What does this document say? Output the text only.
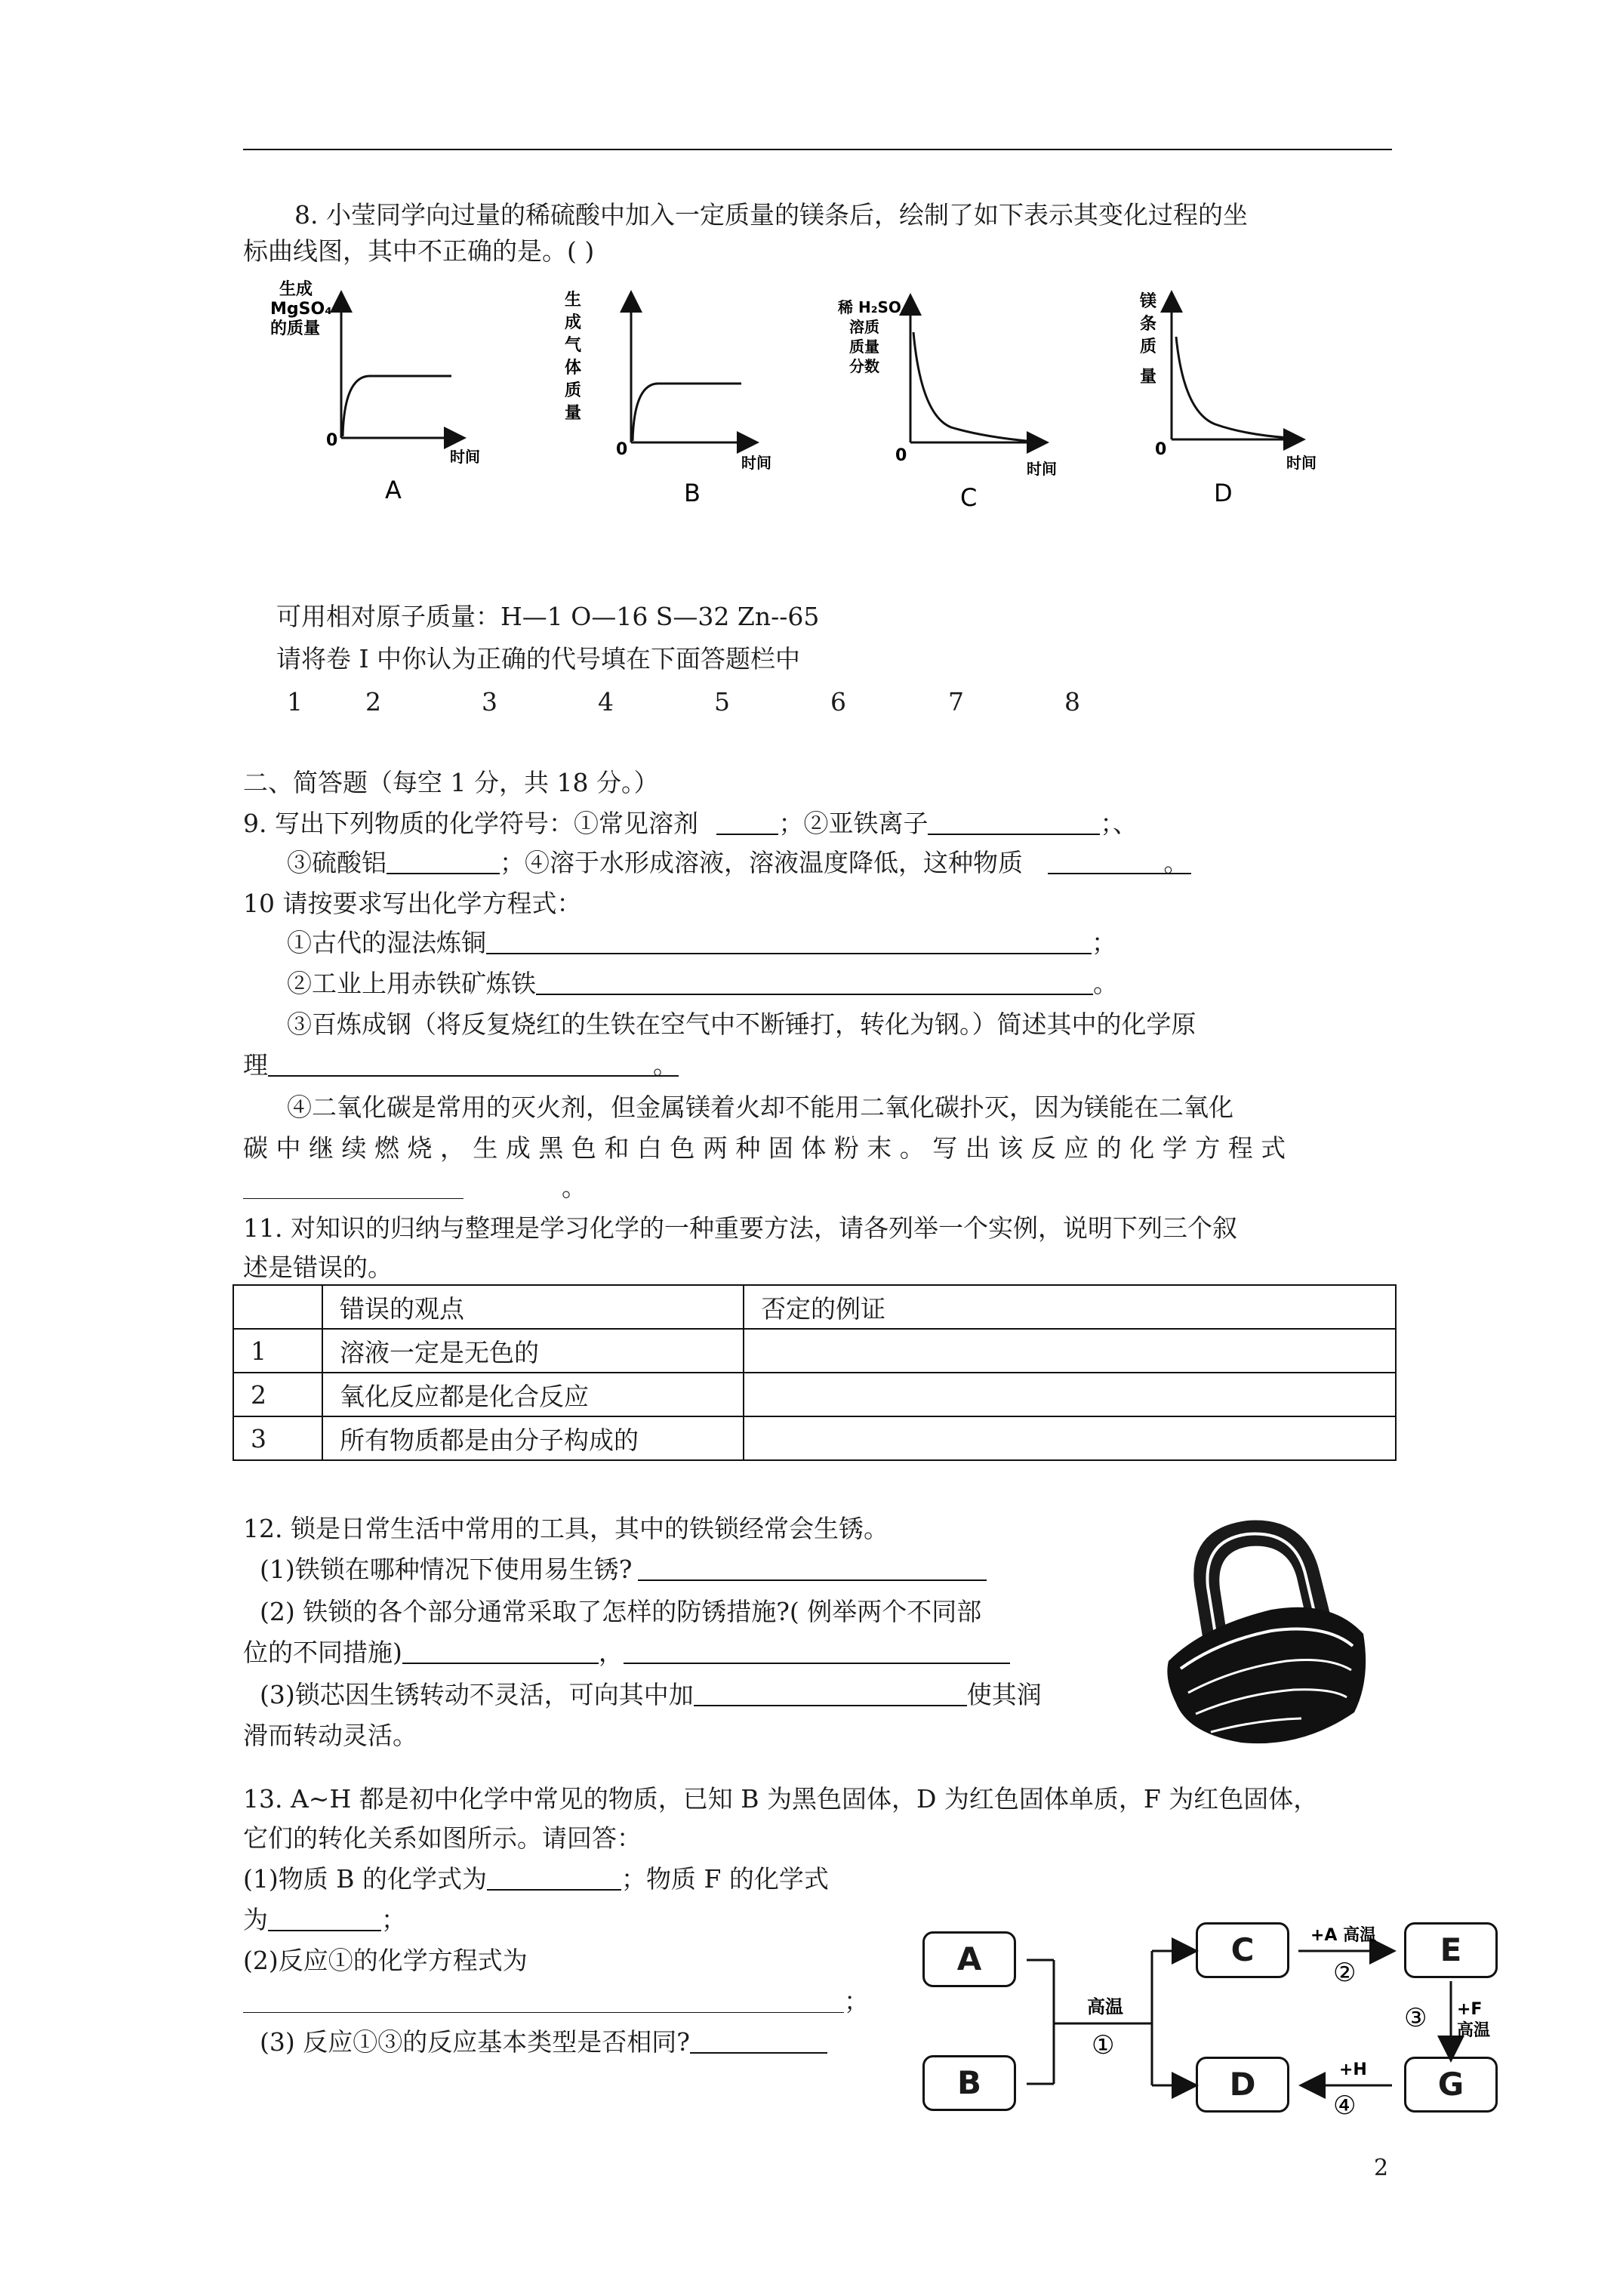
8. 小莹同学向过量的稀硫酸中加入一定质量的镁条后，绘制了如下表示其变化过程的坐
标曲线图，其中不正确的是。( )
生成
MgSO₄
的质量
0
时间
A
生
成
气
体
质
量
0
时间
B
稀 H₂SO₄
溶质
质量
分数
0
时间
C
镁
条
质
量
0
时间
D
可用相对原子质量：H—1 O—16 S—32 Zn--65
请将卷 I 中你认为正确的代号填在下面答题栏中
1	2	3	4	5	6	7	8
二、简答题（每空 1 分，共 18 分。）
9. 写出下列物质的化学符号：①常见溶剂	；②亚铁离子	；、
③硫酸铝	；④溶于水形成溶液，溶液温度降低，这种物质	。
10 请按要求写出化学方程式：
①古代的湿法炼铜	；
②工业上用赤铁矿炼铁	。
③百炼成钢（将反复烧红的生铁在空气中不断锤打，转化为钢。）简述其中的化学原
理	。
④二氧化碳是常用的灭火剂，但金属镁着火却不能用二氧化碳扑灭，因为镁能在二氧化
碳 中 继 续 燃 烧 ， 生 成 黑 色 和 白 色 两 种 固 体 粉 末 。 写 出 该 反 应 的 化 学 方 程 式
。
11. 对知识的归纳与整理是学习化学的一种重要方法，请各列举一个实例，说明下列三个叙
述是错误的。
	错误的观点	否定的例证
1	溶液一定是无色的	
2	氧化反应都是化合反应	
3	所有物质都是由分子构成的	
12. 锁是日常生活中常用的工具，其中的铁锁经常会生锈。
(1)铁锁在哪种情况下使用易生锈?
(2) 铁锁的各个部分通常采取了怎样的防锈措施?( 例举两个不同部
位的不同措施)	，
(3)锁芯因生锈转动不灵活，可向其中加	使其润
滑而转动灵活。
13. A~H 都是初中化学中常见的物质，已知 B 为黑色固体，D 为红色固体单质，F 为红色固体，
它们的转化关系如图所示。请回答：
(1)物质 B 的化学式为	；物质 F 的化学式
为	；
(2)反应①的化学方程式为
；
(3) 反应①③的反应基本类型是否相同?
高温
①
+A 高温
②
③ +F
高温
+H
④
A
B
C	E
D	G
2
